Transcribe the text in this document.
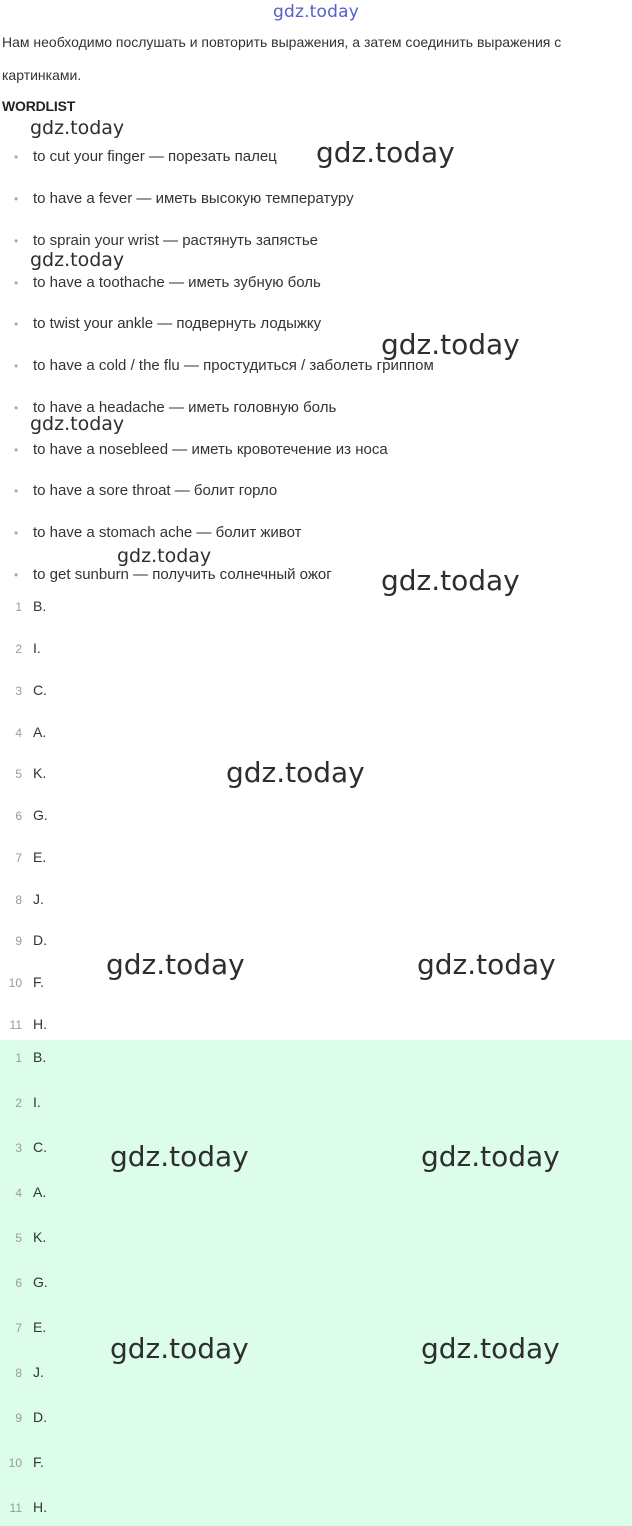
gdz.today
Нам необходимо послушать и повторить выражения, а затем соединить выражения с картинками.
WORDLIST
• to cut your finger — порезать палец
• to have a fever — иметь высокую температуру
• to sprain your wrist — растянуть запястье
• to have a toothache — иметь зубную боль
• to twist your ankle — подвернуть лодыжку
• to have a cold / the flu — простудиться / заболеть гриппом
• to have a headache — иметь головную боль
• to have a nosebleed — иметь кровотечение из носа
• to have a sore throat — болит горло
• to have a stomach ache — болит живот
• to get sunburn — получить солнечный ожог
1 B.
2 I.
3 C.
4 A.
5 K.
6 G.
7 E.
8 J.
9 D.
10 F.
11 H.
1 B.
2 I.
3 C.
4 A.
5 K.
6 G.
7 E.
8 J.
9 D.
10 F.
11 H.
gdz.today
gdz.today
gdz.today
gdz.today
gdz.today
gdz.today
gdz.today
gdz.today
gdz.today	gdz.today
gdz.today	gdz.today
gdz.today	gdz.today
